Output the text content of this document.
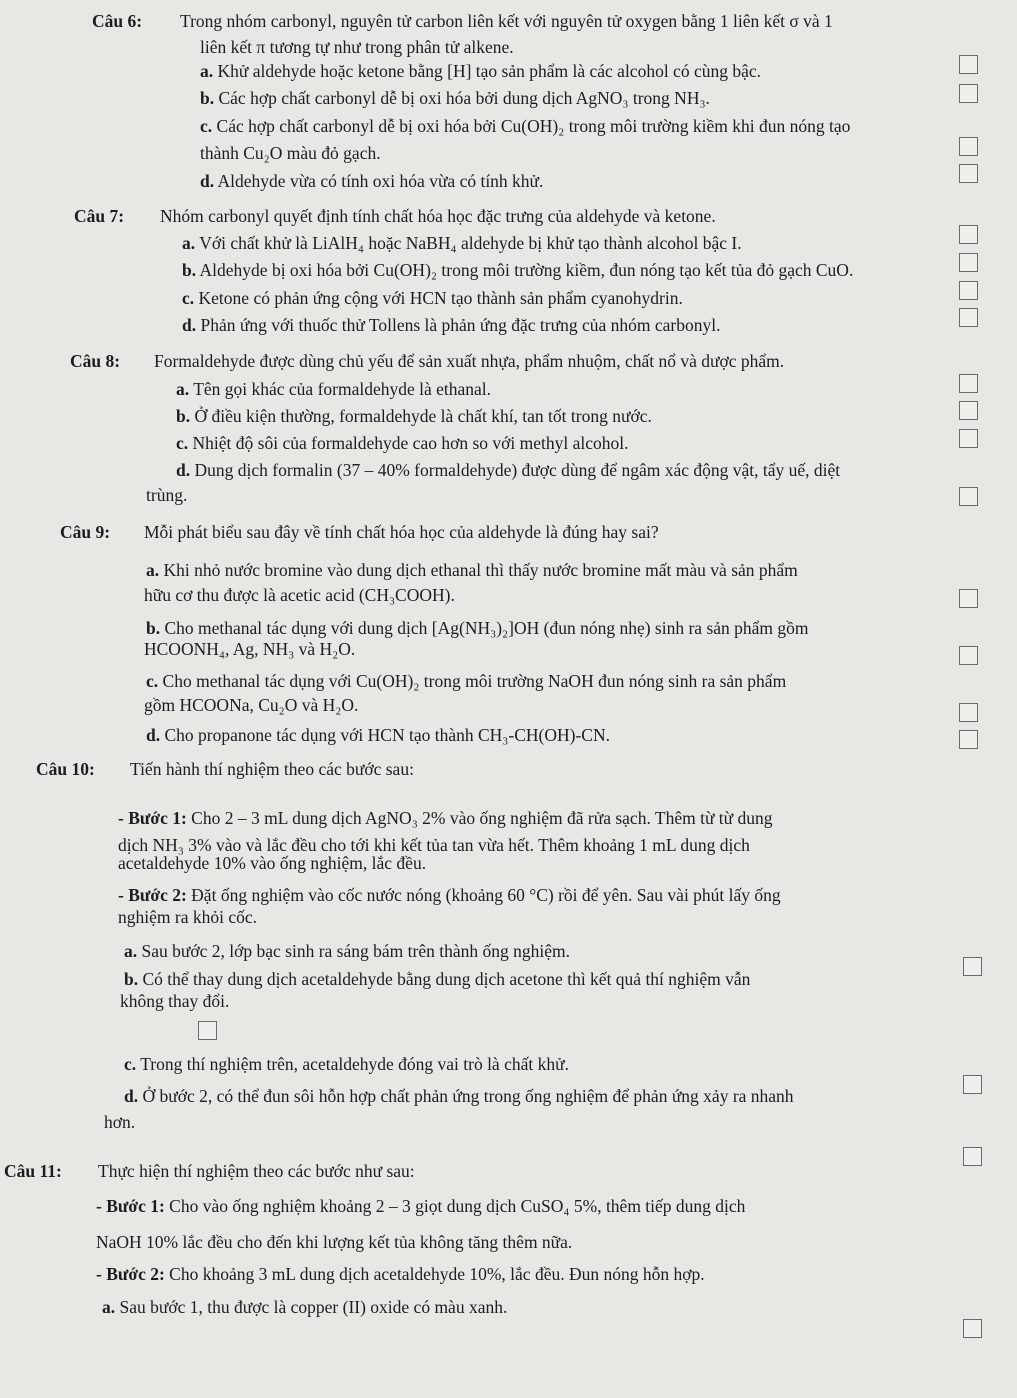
Câu 6: Trong nhóm carbonyl, nguyên tử carbon liên kết với nguyên tử oxygen bằng 1 liên kết σ và 1
liên kết π tương tự như trong phân tử alkene.
a. Khử aldehyde hoặc ketone bằng [H] tạo sản phẩm là các alcohol có cùng bậc.
b. Các hợp chất carbonyl dễ bị oxi hóa bởi dung dịch AgNO₃ trong NH₃.
c. Các hợp chất carbonyl dễ bị oxi hóa bởi Cu(OH)₂ trong môi trường kiềm khi đun nóng tạo
thành Cu₂O màu đỏ gạch.
d. Aldehyde vừa có tính oxi hóa vừa có tính khử.
Câu 7: Nhóm carbonyl quyết định tính chất hóa học đặc trưng của aldehyde và ketone.
a. Với chất khử là LiAlH₄ hoặc NaBH₄ aldehyde bị khử tạo thành alcohol bậc I.
b. Aldehyde bị oxi hóa bởi Cu(OH)₂ trong môi trường kiềm, đun nóng tạo kết tủa đỏ gạch CuO.
c. Ketone có phản ứng cộng với HCN tạo thành sản phẩm cyanohydrin.
d. Phản ứng với thuốc thử Tollens là phản ứng đặc trưng của nhóm carbonyl.
Câu 8: Formaldehyde được dùng chủ yếu để sản xuất nhựa, phẩm nhuộm, chất nổ và dược phẩm.
a. Tên gọi khác của formaldehyde là ethanal.
b. Ở điều kiện thường, formaldehyde là chất khí, tan tốt trong nước.
c. Nhiệt độ sôi của formaldehyde cao hơn so với methyl alcohol.
d. Dung dịch formalin (37 – 40% formaldehyde) được dùng để ngâm xác động vật, tẩy uế, diệt
trùng.
Câu 9: Mỗi phát biểu sau đây về tính chất hóa học của aldehyde là đúng hay sai?
a. Khi nhỏ nước bromine vào dung dịch ethanal thì thấy nước bromine mất màu và sản phẩm
hữu cơ thu được là acetic acid (CH₃COOH).
b. Cho methanal tác dụng với dung dịch [Ag(NH₃)₂]OH (đun nóng nhẹ) sinh ra sản phẩm gồm
HCOONH₄, Ag, NH₃ và H₂O.
c. Cho methanal tác dụng với Cu(OH)₂ trong môi trường NaOH đun nóng sinh ra sản phẩm
gồm HCOONa, Cu₂O và H₂O.
d. Cho propanone tác dụng với HCN tạo thành CH₃-CH(OH)-CN.
Câu 10: Tiến hành thí nghiệm theo các bước sau:
- Bước 1: Cho 2 – 3 mL dung dịch AgNO₃ 2% vào ống nghiệm đã rửa sạch. Thêm từ từ dung
dịch NH₃ 3% vào và lắc đều cho tới khi kết tủa tan vừa hết. Thêm khoảng 1 mL dung dịch
acetaldehyde 10% vào ống nghiệm, lắc đều.
- Bước 2: Đặt ống nghiệm vào cốc nước nóng (khoảng 60 °C) rồi để yên. Sau vài phút lấy ống
nghiệm ra khỏi cốc.
a. Sau bước 2, lớp bạc sinh ra sáng bám trên thành ống nghiệm.
b. Có thể thay dung dịch acetaldehyde bằng dung dịch acetone thì kết quả thí nghiệm vẫn
không thay đổi.
c. Trong thí nghiệm trên, acetaldehyde đóng vai trò là chất khử.
d. Ở bước 2, có thể đun sôi hỗn hợp chất phản ứng trong ống nghiệm để phản ứng xảy ra nhanh
hơn.
Câu 11: Thực hiện thí nghiệm theo các bước như sau:
- Bước 1: Cho vào ống nghiệm khoảng 2 – 3 giọt dung dịch CuSO₄ 5%, thêm tiếp dung dịch
NaOH 10% lắc đều cho đến khi lượng kết tủa không tăng thêm nữa.
- Bước 2: Cho khoảng 3 mL dung dịch acetaldehyde 10%, lắc đều. Đun nóng hỗn hợp.
a. Sau bước 1, thu được là copper (II) oxide có màu xanh.
